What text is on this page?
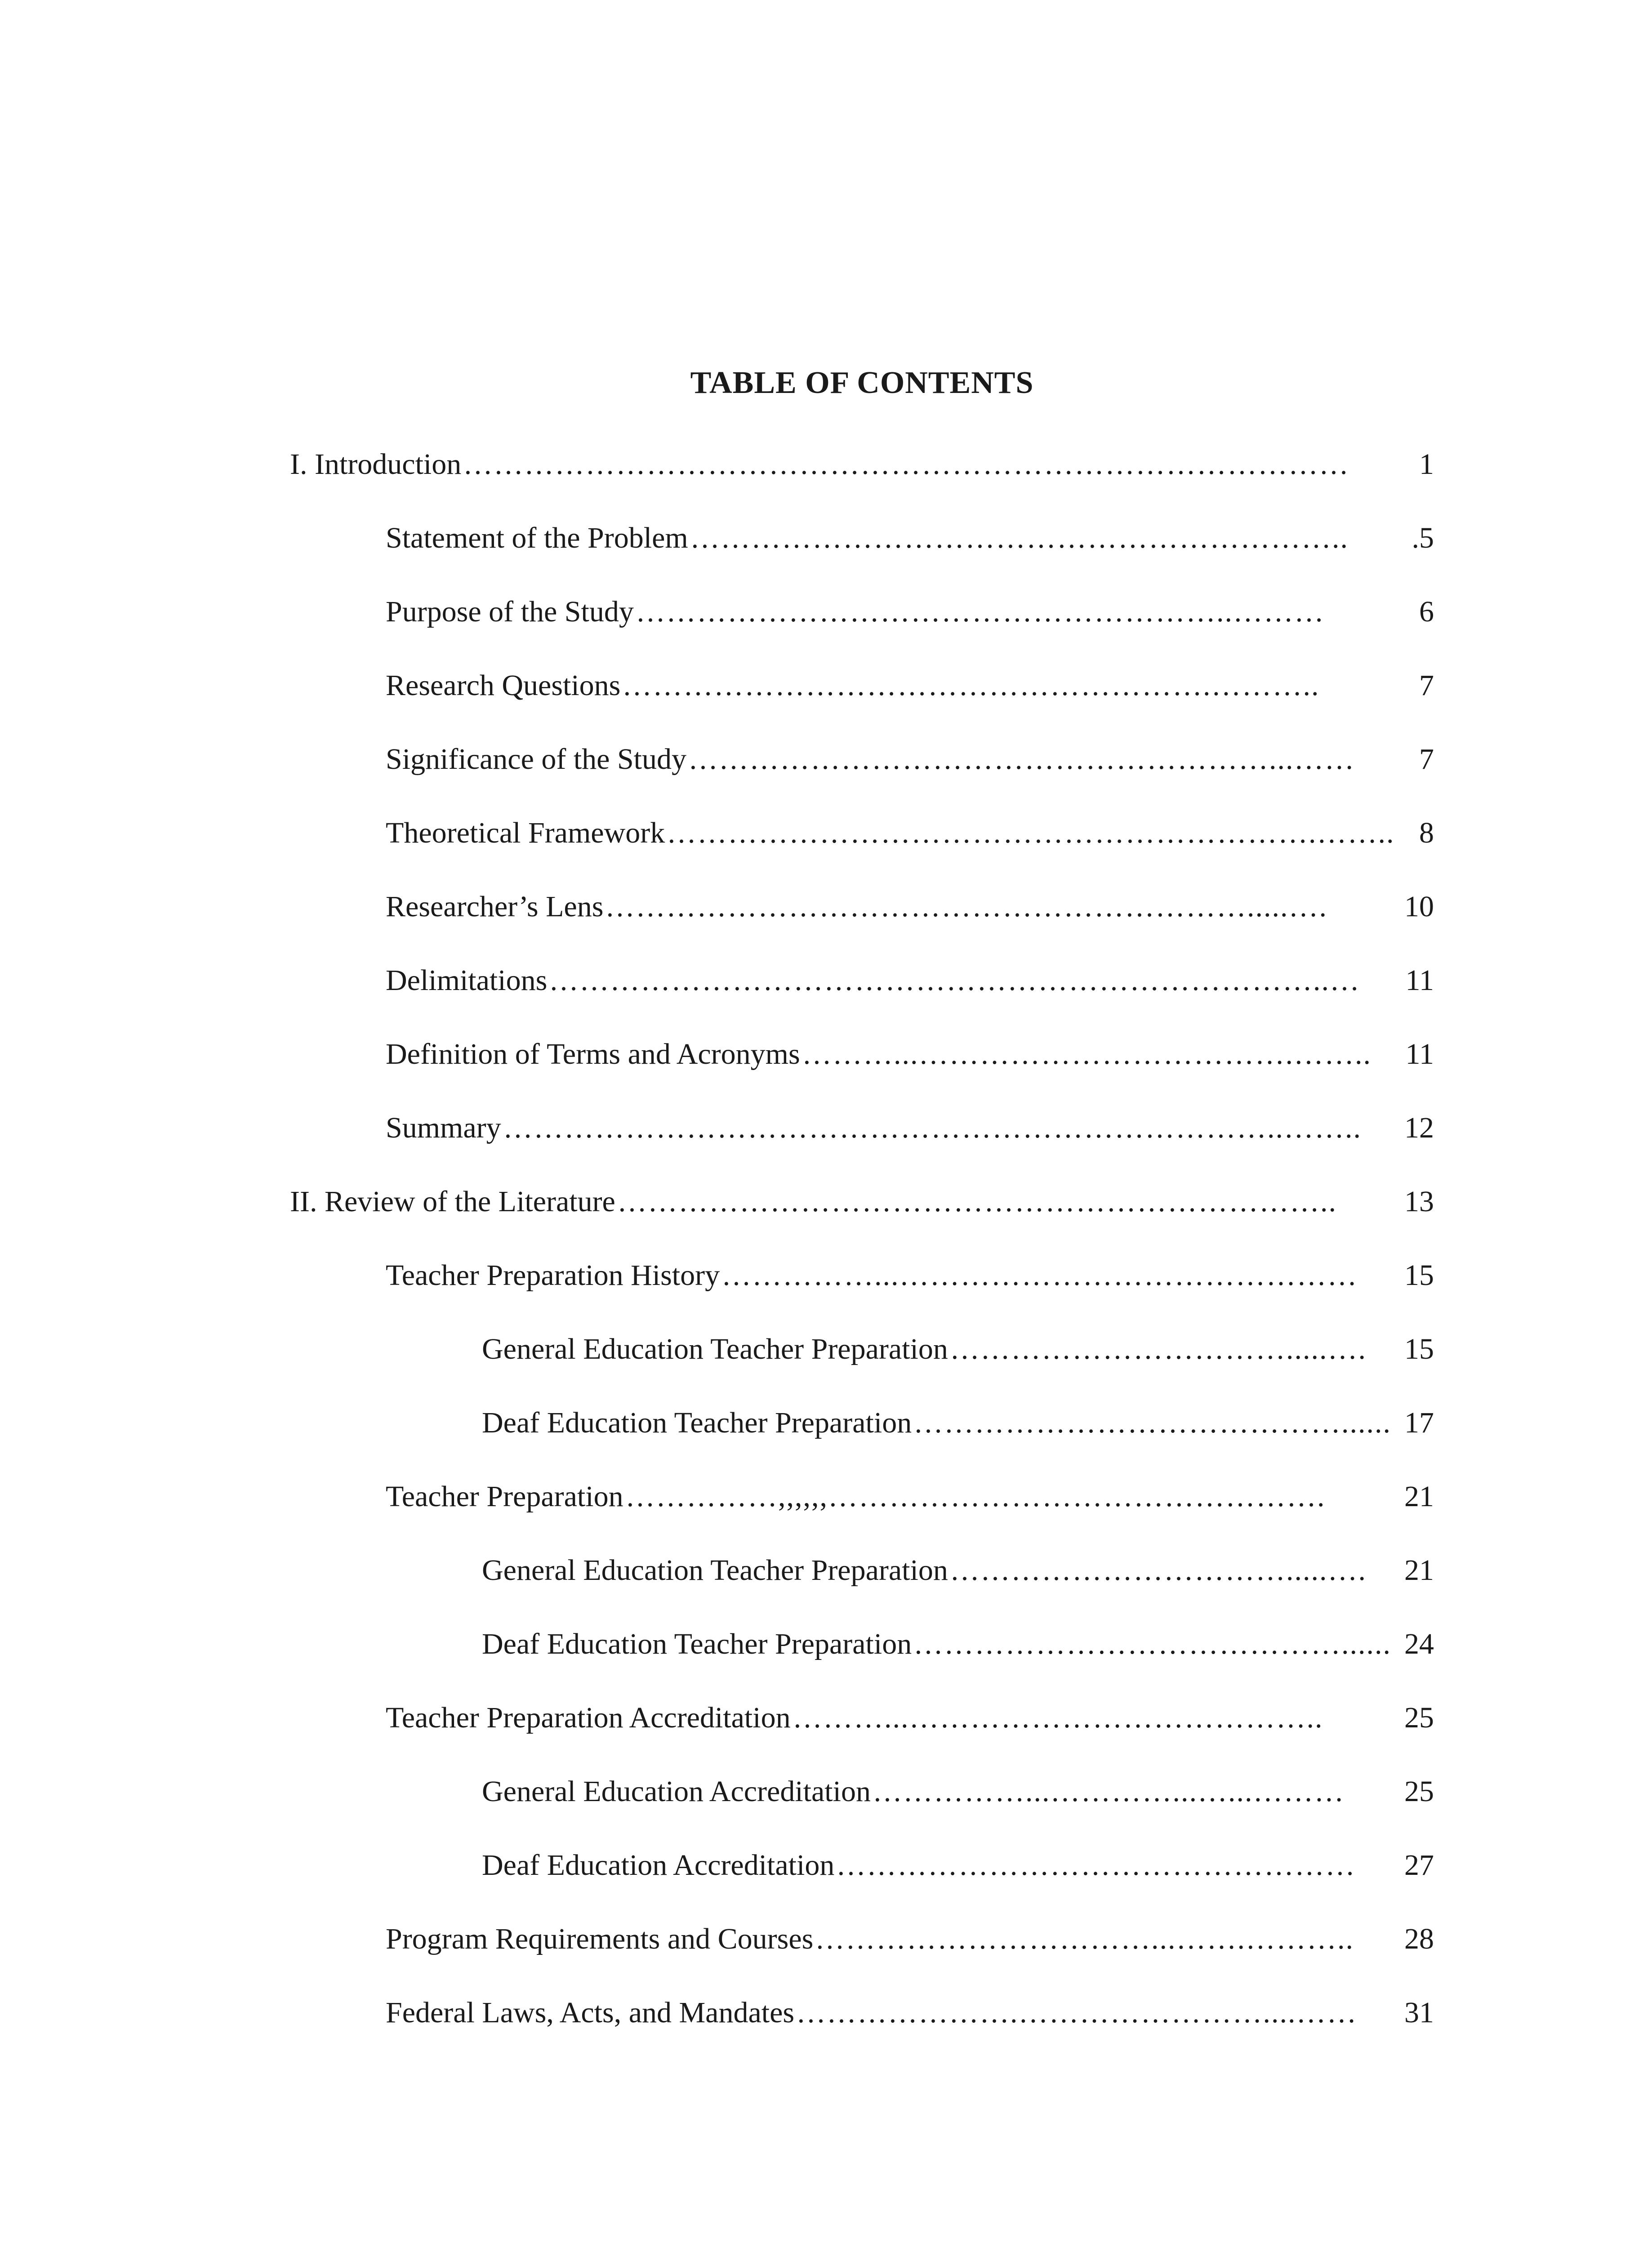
TABLE OF CONTENTS
I. Introduction ……………………………………………………………………………	1
Statement of the Problem ………………………………………………………..	.5
Purpose of the Study …………………………………………………..………	6
Research Questions ………………………………………………….………..	7
Significance of the Study …………………………………………………...……	7
Theoretical Framework ……………………………………………………….…….. 8
Researcher’s Lens ……………………………………………………….....….	10
Delimitations …………………………………………………………………..…	11
Definition of Terms and Acronyms ………...……………………………….……..	11
Summary …………………………………………………………………..……..	12
II. Review of the Literature ……………………………………………………………..	13
Teacher Preparation History ……………...………………………………………	15
General Education Teacher Preparation …………………………….....….	15
Deaf Education Teacher Preparation ……………………………………...... 17
Teacher Preparation ……………,,,,,,………………………………………….	21
General Education Teacher Preparation …………………………….....….	21
Deaf Education Teacher Preparation ……………………………………...... 24
Teacher Preparation Accreditation ………...…………………………………..	25
General Education Accreditation ……………...…………...…...………	25
Deaf Education Accreditation ……………………………………………	27
Program Requirements and Courses ……………………………...…….………..	28
Federal Laws, Acts, and Mandates ………………….……………………....……	31
